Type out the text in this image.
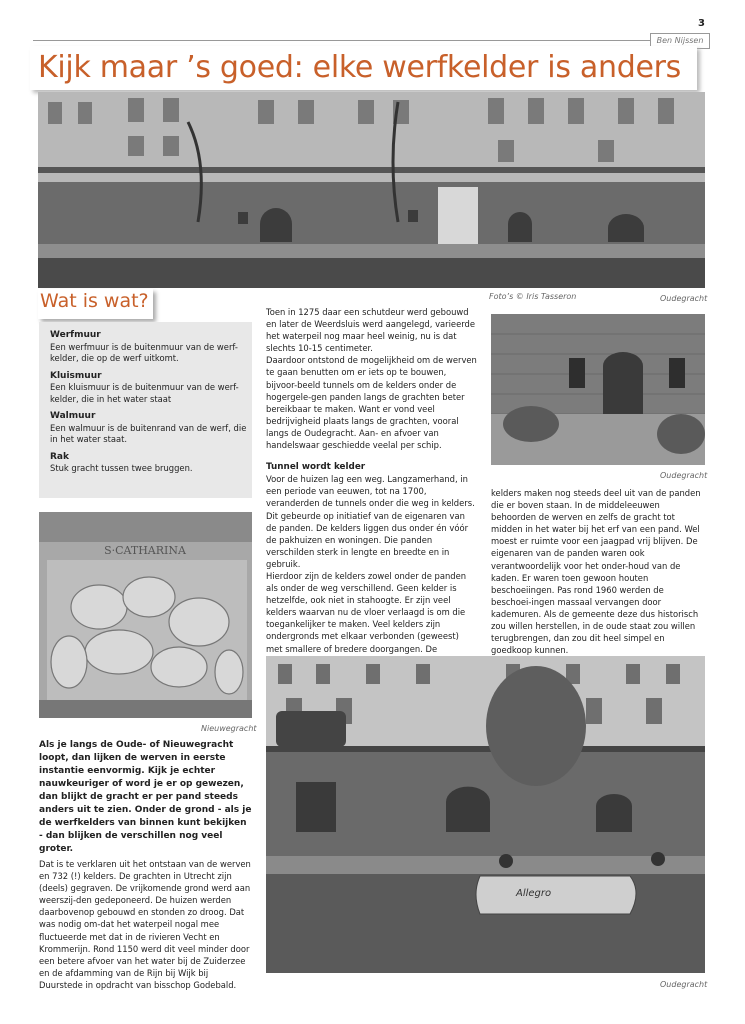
3
Ben Nijssen
Kijk maar ’s goed: elke werfkelder is anders
Foto’s © Iris Tasseron	Oudegracht
Wat is wat?
Werfmuur

Een werfmuur is de buitenmuur van de werf-kelder, die op de werf uitkomt.

Kluismuur

Een kluismuur is de buitenmuur van de werf-kelder, die in het water staat

Walmuur

Een walmuur is de buitenrand van de werf, die in het water staat.

Rak

Stuk gracht tussen twee bruggen.

S·CATHARINA
Nieuwegracht
Als je langs de Oude- of Nieuwegracht loopt, dan lijken de werven in eerste instantie eenvormig. Kijk je echter nauwkeuriger of word je er op gewezen, dan blijkt de gracht er per pand steeds anders uit te zien. Onder de grond - als je de werfkelders van binnen kunt bekijken - dan blijken de verschillen nog veel groter.

Dat is te verklaren uit het ontstaan van de werven en 732 (!) kelders. De grachten in Utrecht zijn (deels) gegraven. De vrijkomende grond werd aan weerszij-den gedeponeerd. De huizen werden daarbovenop gebouwd en stonden zo droog. Dat was nodig om-dat het waterpeil nogal mee fluctueerde met dat in de rivieren Vecht en Krommerijn. Rond 1150 werd dit veel minder door een betere afvoer van het water bij de Zuiderzee en de afdamming van de Rijn bij Wijk bij Duurstede in opdracht van bisschop Godebald.

Toen in 1275 daar een schutdeur werd gebouwd en later de Weerdsluis werd aangelegd, varieerde het waterpeil nog maar heel weinig, nu is dat slechts 10-15 centimeter.

Daardoor ontstond de mogelijkheid om de werven te gaan benutten om er iets op te bouwen, bijvoor-beeld tunnels om de kelders onder de hogergele-gen panden langs de grachten beter bereikbaar te maken. Want er vond veel bedrijvigheid plaats langs de grachten, vooral langs de Oudegracht. Aan- en afvoer van handelswaar geschiedde veelal per schip.

Tunnel wordt kelder

Voor de huizen lag een weg. Langzamerhand, in een periode van eeuwen, tot na 1700, veranderden de tunnels onder die weg in kelders. Dit gebeurde op initiatief van de eigenaren van de panden. De kelders liggen dus onder én vóór de pakhuizen en woningen. Die panden verschilden sterk in lengte en breedte en in gebruik.

Hierdoor zijn de kelders zowel onder de panden als onder de weg verschillend. Geen kelder is hetzelfde, ook niet in stahoogte. Er zijn veel kelders waarvan nu de vloer verlaagd is om die toegankelijker te maken. Veel kelders zijn ondergronds met elkaar verbonden (geweest) met smallere of bredere doorgangen. De

Oudegracht

kelders maken nog steeds deel uit van de panden die er boven staan. In de middeleeuwen behoorden de werven en zelfs de gracht tot midden in het water bij het erf van een pand. Wel moest er ruimte voor een jaagpad vrij blijven. De eigenaren van de panden waren ook verantwoordelijk voor het onder-houd van de kaden. Er waren toen gewoon houten beschoeiingen. Pas rond 1960 werden de beschoei-ingen massaal vervangen door kademuren. Als de gemeente deze dus historisch zou willen herstellen, in de oude staat zou willen terugbrengen, dan zou dit heel simpel en goedkoop kunnen.

Allegro
Oudegracht
